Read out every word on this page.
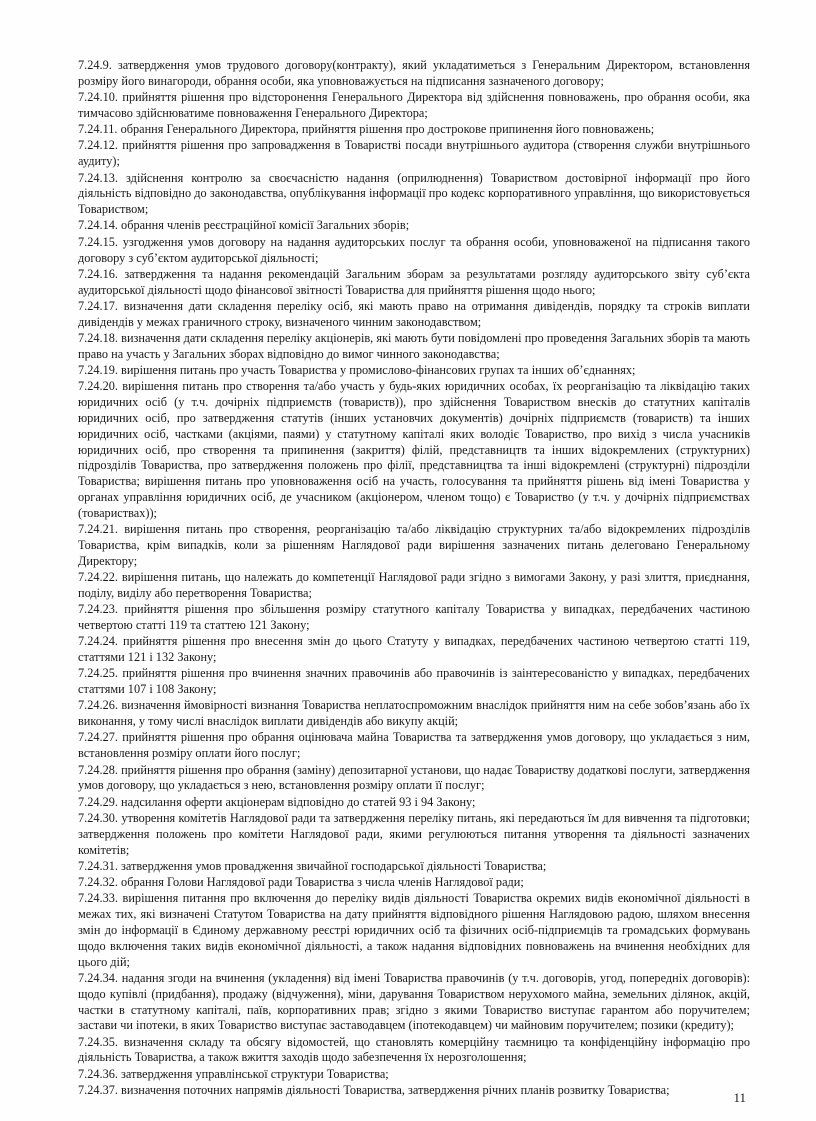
7.24.9. затвердження умов трудового договору(контракту), який укладатиметься з Генеральним Директором, встановлення розміру його винагороди, обрання особи, яка уповноважується на підписання зазначеного договору;
7.24.10. прийняття рішення про відсторонення Генерального Директора від здійснення повноважень, про обрання особи, яка тимчасово здійснюватиме повноваження Генерального Директора;
7.24.11. обрання Генерального Директора, прийняття рішення про дострокове припинення його повноважень;
7.24.12. прийняття рішення про запровадження в Товаристві посади внутрішнього аудитора (створення служби внутрішнього аудиту);
7.24.13. здійснення контролю за своєчасністю надання (оприлюднення) Товариством достовірної інформації про його діяльність відповідно до законодавства, опублікування інформації про кодекс корпоративного управління, що використовується Товариством;
7.24.14. обрання членів реєстраційної комісії Загальних зборів;
7.24.15. узгодження умов договору на надання аудиторських послуг та обрання особи, уповноваженої на підписання такого договору з суб’єктом аудиторської діяльності;
7.24.16. затвердження та надання рекомендацій Загальним зборам за результатами розгляду аудиторського звіту суб’єкта аудиторської діяльності щодо фінансової звітності Товариства для прийняття рішення щодо нього;
7.24.17. визначення дати складення переліку осіб, які мають право на отримання дивідендів, порядку та строків виплати дивідендів у межах граничного строку, визначеного чинним законодавством;
7.24.18. визначення дати складення переліку акціонерів, які мають бути повідомлені про проведення Загальних зборів та мають право на участь у Загальних зборах відповідно до вимог чинного законодавства;
7.24.19. вирішення питань про участь Товариства у промислово-фінансових групах та інших об’єднаннях;
7.24.20. вирішення питань про створення та/або участь у будь-яких юридичних особах, їх реорганізацію та ліквідацію таких юридичних осіб (у т.ч. дочірніх підприємств (товариств)), про здійснення Товариством внесків до статутних капіталів юридичних осіб, про затвердження статутів (інших установчих документів) дочірніх підприємств (товариств) та інших юридичних осіб, частками (акціями, паями) у статутному капіталі яких володіє Товариство, про вихід з числа учасників юридичних осіб, про створення та припинення (закриття) філій, представництв та інших відокремлених (структурних) підрозділів Товариства, про затвердження положень про філії, представництва та інші відокремлені (структурні) підрозділи Товариства; вирішення питань про уповноваження осіб на участь, голосування та прийняття рішень від імені Товариства у органах управління юридичних осіб, де учасником (акціонером, членом тощо) є Товариство (у т.ч. у дочірніх підприємствах (товариствах));
7.24.21. вирішення питань про створення, реорганізацію та/або ліквідацію структурних та/або відокремлених підрозділів Товариства, крім випадків, коли за рішенням Наглядової ради вирішення зазначених питань делеговано Генеральному Директору;
7.24.22. вирішення питань, що належать до компетенції Наглядової ради згідно з вимогами Закону, у разі злиття, приєднання, поділу, виділу або перетворення Товариства;
7.24.23. прийняття рішення про збільшення розміру статутного капіталу Товариства у випадках, передбачених частиною четвертою статті 119 та статтею 121 Закону;
7.24.24. прийняття рішення про внесення змін до цього Статуту у випадках, передбачених частиною четвертою статті 119, статтями 121 і 132 Закону;
7.24.25. прийняття рішення про вчинення значних правочинів або правочинів із заінтересованістю у випадках, передбачених статтями 107 і 108 Закону;
7.24.26. визначення ймовірності визнання Товариства неплатоспроможним внаслідок прийняття ним на себе зобов’язань або їх виконання, у тому числі внаслідок виплати дивідендів або викупу акцій;
7.24.27. прийняття рішення про обрання оцінювача майна Товариства та затвердження умов договору, що укладається з ним, встановлення розміру оплати його послуг;
7.24.28. прийняття рішення про обрання (заміну) депозитарної установи, що надає Товариству додаткові послуги, затвердження умов договору, що укладається з нею, встановлення розміру оплати її послуг;
7.24.29. надсилання оферти акціонерам відповідно до статей 93 і 94 Закону;
7.24.30. утворення комітетів Наглядової ради та затвердження переліку питань, які передаються їм для вивчення та підготовки; затвердження положень про комітети Наглядової ради, якими регулюються питання утворення та діяльності зазначених комітетів;
7.24.31. затвердження умов провадження звичайної господарської діяльності Товариства;
7.24.32. обрання Голови Наглядової ради Товариства з числа членів Наглядової ради;
7.24.33. вирішення питання про включення до переліку видів діяльності Товариства окремих видів економічної діяльності в межах тих, які визначені Статутом Товариства на дату прийняття відповідного рішення Наглядовою радою, шляхом внесення змін до інформації в Єдиному державному реєстрі юридичних осіб та фізичних осіб-підприємців та громадських формувань щодо включення таких видів економічної діяльності, а також надання відповідних повноважень на вчинення необхідних для цього дій;
7.24.34. надання згоди на вчинення (укладення) від імені Товариства правочинів (у т.ч. договорів, угод, попередніх договорів): щодо купівлі (придбання), продажу (відчуження), міни, дарування Товариством нерухомого майна, земельних ділянок, акцій, частки в статутному капіталі, паїв, корпоративних прав; згідно з якими Товариство виступає гарантом або поручителем; застави чи іпотеки, в яких Товариство виступає заставодавцем (іпотекодавцем) чи майновим поручителем; позики (кредиту);
7.24.35. визначення складу та обсягу відомостей, що становлять комерційну таємницю та конфіденційну інформацію про діяльність Товариства, а також вжиття заходів щодо забезпечення їх нерозголошення;
7.24.36. затвердження управлінської структури Товариства;
7.24.37. визначення поточних напрямів діяльності Товариства, затвердження річних планів розвитку Товариства;	11
